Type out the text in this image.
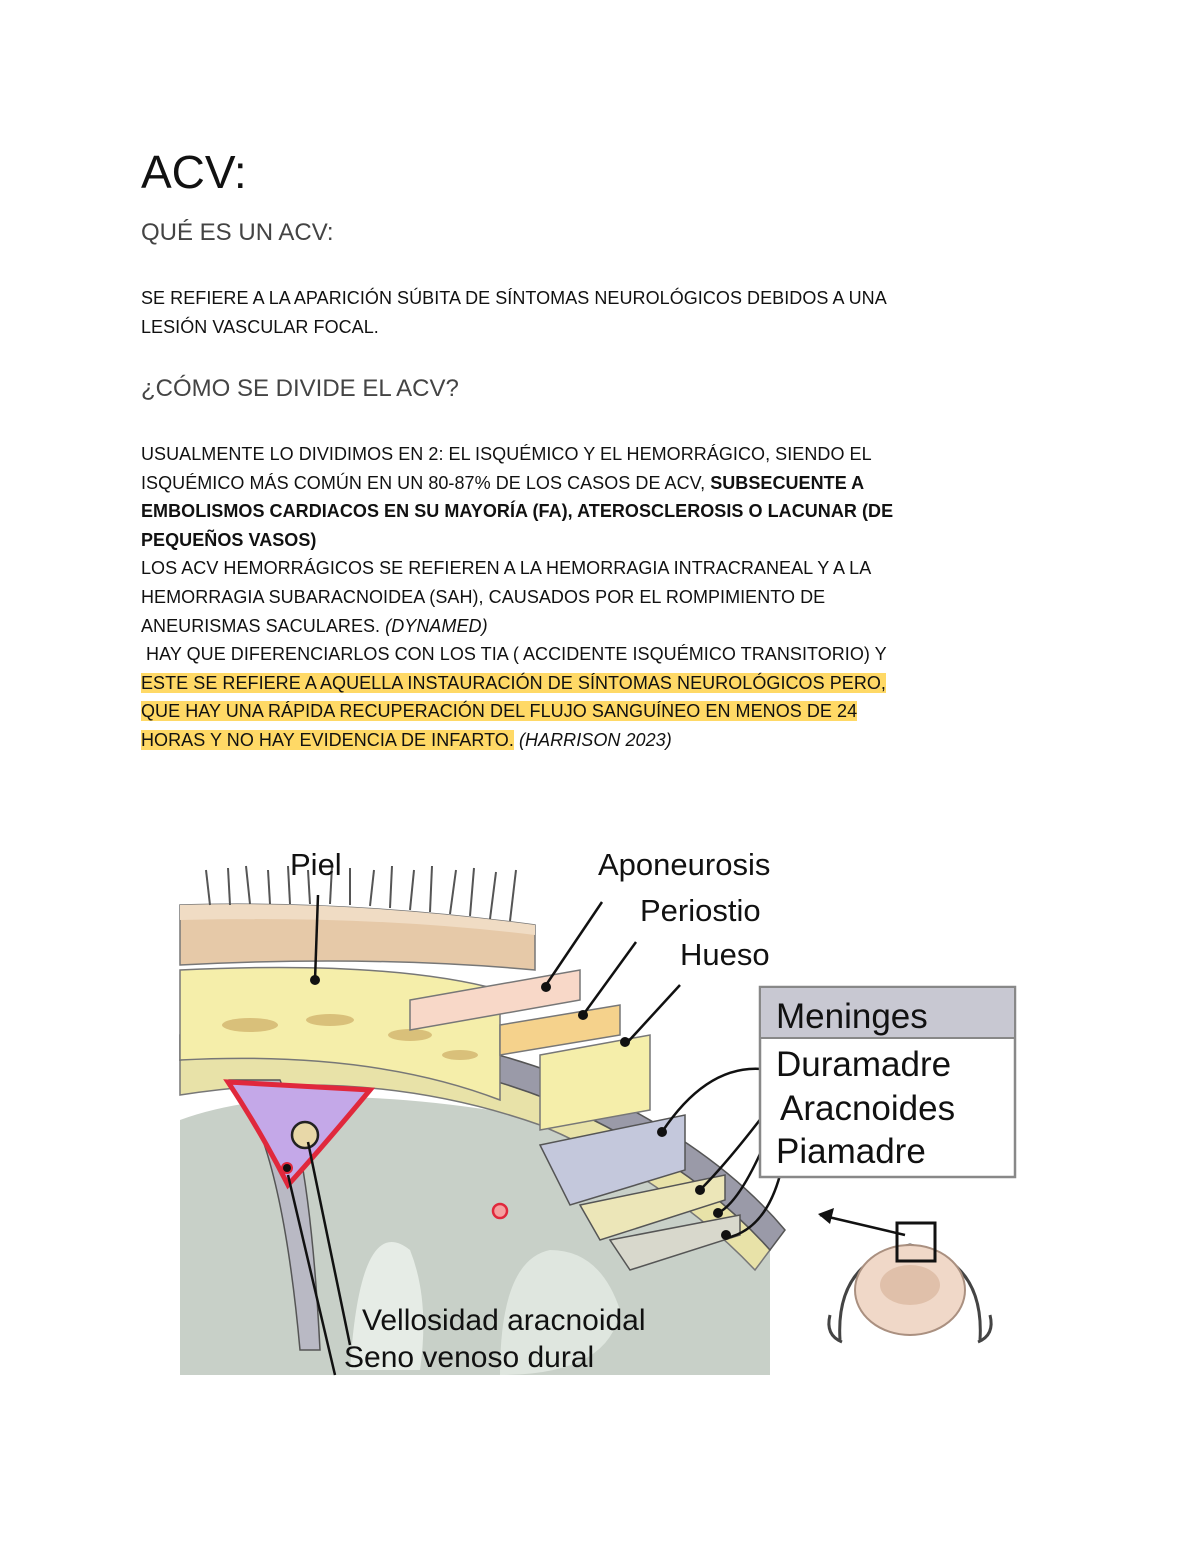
ACV:
QUÉ ES UN ACV:
SE REFIERE A LA APARICIÓN SÚBITA DE SÍNTOMAS NEUROLÓGICOS DEBIDOS A UNA
LESIÓN VASCULAR FOCAL.
¿CÓMO SE DIVIDE EL ACV?
USUALMENTE LO DIVIDIMOS EN 2: EL ISQUÉMICO Y EL HEMORRÁGICO, SIENDO EL
ISQUÉMICO MÁS COMÚN EN UN 80-87% DE LOS CASOS DE ACV, SUBSECUENTE A
EMBOLISMOS CARDIACOS EN SU MAYORÍA (FA), ATEROSCLEROSIS O LACUNAR (DE
PEQUEÑOS VASOS)
LOS ACV HEMORRÁGICOS SE REFIEREN A LA HEMORRAGIA INTRACRANEAL Y A LA
HEMORRAGIA SUBARACNOIDEA (SAH), CAUSADOS POR EL ROMPIMIENTO DE
ANEURISMAS SACULARES. (DYNAMED)
HAY QUE DIFERENCIARLOS CON LOS TIA ( ACCIDENTE ISQUÉMICO TRANSITORIO) Y
ESTE SE REFIERE A AQUELLA INSTAURACIÓN DE SÍNTOMAS NEUROLÓGICOS PERO,
QUE HAY UNA RÁPIDA RECUPERACIÓN DEL FLUJO SANGUÍNEO EN MENOS DE 24
HORAS Y NO HAY EVIDENCIA DE INFARTO. (HARRISON 2023)
Piel	Aponeurosis
Periostio
Hueso
Meninges
Duramadre
Aracnoides
Piamadre
Vellosidad aracnoidal
Seno venoso dural
